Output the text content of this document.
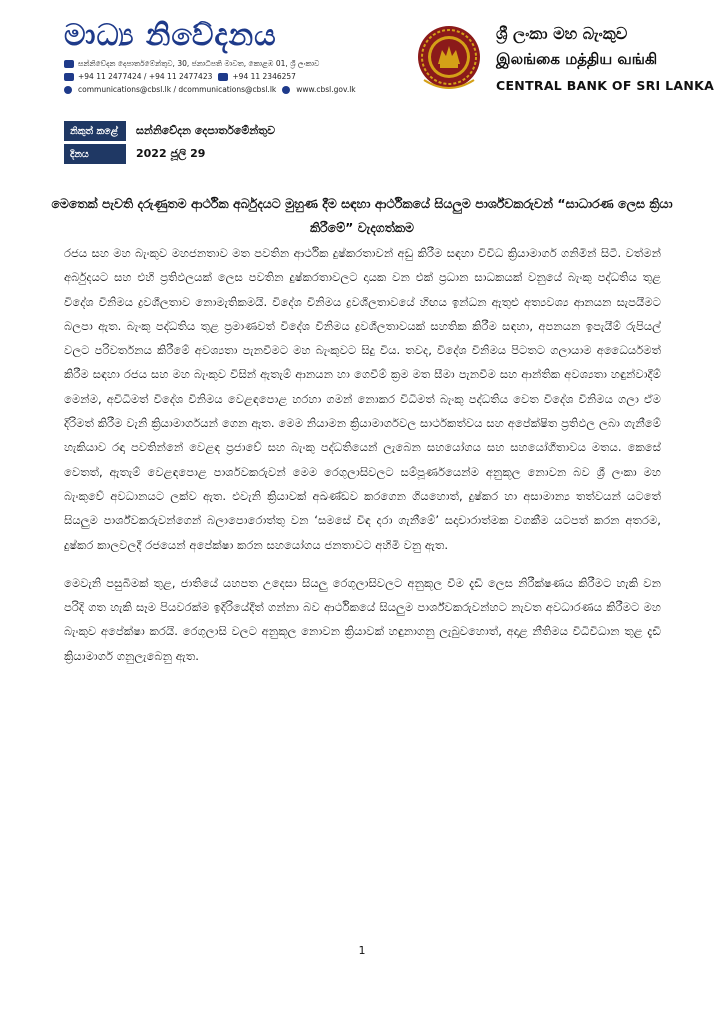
මාධ්‍ය නිවේදනය
සන්නිවේදන දෙපාර්තමේන්තුව, 30, ජනාධිපති මාවත, කොළඹ 01, ශ්‍රී ලංකාව
+94 11 2477424 / +94 11 2477423	+94 11 2346257
communications@cbsl.lk / dcommunications@cbsl.lk	www.cbsl.gov.lk
ශ්‍රී ලංකා මහ බැංකුව
இலங்கை மத்திய வங்கி
CENTRAL BANK OF SRI LANKA
නිකුත් කළේ	සන්නිවේදන දෙපාර්තමේන්තුව
දිනය	2022 ජූලි 29
මෙතෙක් පැවති දරුණුතම ආර්ථික අර්බුදයට මුහුණ දීම සඳහා ආර්ථිකයේ සියලුම පාර්ශ්වකරුවන් “සාධාරණ ලෙස ක්‍රියා කිරීමේ” වැදගත්කම

රජය සහ මහ බැංකුව මහජනතාව මත පවතින ආර්ථික දුෂ්කරතාවන් අඩු කිරීම සඳහා විවිධ ක්‍රියාමාර්ග ගනිමින් සිටී. වත්මන් අර්බුදයට සහ එහි ප්‍රතිඵලයක් ලෙස පවතින දුෂ්කරතාවලට දායක වන එක් ප්‍රධාන සාධකයක් වනුයේ බැංකු පද්ධතිය තුළ විදේශ විනිමය ද්‍රවශීලතාව නොමැතිකමයි. විදේශ විනිමය ද්‍රවශීලතාවයේ හිඟය ඉන්ධන ඇතුළු අත්‍යවශ්‍ය ආනයන සැපයීමට බලපා ඇත. බැංකු පද්ධතිය තුළ ප්‍රමාණවත් විදේශ විනිමය ද්‍රවශීලතාවයක් සහතික කිරීම සඳහා, අපනයන ඉපැයීම් රුපියල් වලට පරිවර්තනය කිරීමේ අවශ්‍යතා පැනවීමට මහ බැංකුවට සිදු විය. තවද, විදේශ විනිමය පිටතට ගලායාම අධෛර්යමත් කිරීම සඳහා රජය සහ මහ බැංකුව විසින් ඇතැම් ආනයන හා ගෙවීම් ක්‍රම මත සීමා පැනවීම සහ ආන්තික අවශ්‍යතා හඳුන්වාදීම් මෙන්ම, අවිධිමත් විදේශ විනිමය වෙළඳපොළ හරහා ගමන් නොකර විධිමත් බැංකු පද්ධතිය වෙත විදේශ විනිමය ගලා ඒම දිරිමත් කිරීම වැනි ක්‍රියාමාර්ගයන් ගෙන ඇත. මෙම නියාමන ක්‍රියාමාර්ගවල සාර්ථකත්වය සහ අපේක්ෂිත ප්‍රතිඵල ලබා ගැනීමේ හැකියාව රඳා පවතින්නේ වෙළඳ ප්‍රජාවේ සහ බැංකු පද්ධතියෙන් ලැබෙන සහයෝගය සහ සහයෝගීතාවය මතය. කෙසේ වෙතත්, ඇතැම් වෙළඳපොළ පාර්ශවකරුවන් මෙම රෙගුලාසිවලට සම්පූර්ණයෙන්ම අනුකූල නොවන බව ශ්‍රී ලංකා මහ බැංකුවේ අවධානයට ලක්ව ඇත. එවැනි ක්‍රියාවක් අඛණ්ඩව කරගෙන ගියහොත්, දුෂ්කර හා අසාමාන්‍ය තත්වයන් යටතේ සියලුම පාර්ශ්වකරුවන්ගෙන් බලාපොරොත්තු වන ‘සමසේ විඳ දරා ගැනීමේ’ සදාචාරාත්මක වගකීම යටපත් කරන අතරම, දුෂ්කර කාලවලදී රජයෙන් අපේක්ෂා කරන සහයෝගය ජනතාවට අහිමි වනු ඇත.

මෙවැනි පසුබිමක් තුළ, ජාතියේ යහපත උදෙසා සියලු රෙගුලාසිවලට අනුකූල වීම දැඩි ලෙස නිරීක්ෂණය කිරීමට හැකි වන පරිදි ගත හැකි සෑම පියවරක්ම ඉදිරියේදීත් ගන්නා බව ආර්ථිකයේ සියලුම පාර්ශ්වකරුවන්හට නැවත අවධාරණය කිරීමට මහ බැංකුව අපේක්ෂා කරයි. රෙගුලාසි වලට අනුකූල නොවන ක්‍රියාවක් හඳුනාගනු ලැබුවහොත්, අදාළ නීතිමය විධිවිධාන තුළ දැඩි ක්‍රියාමාර්ග ගනුලැබෙනු ඇත.

1
